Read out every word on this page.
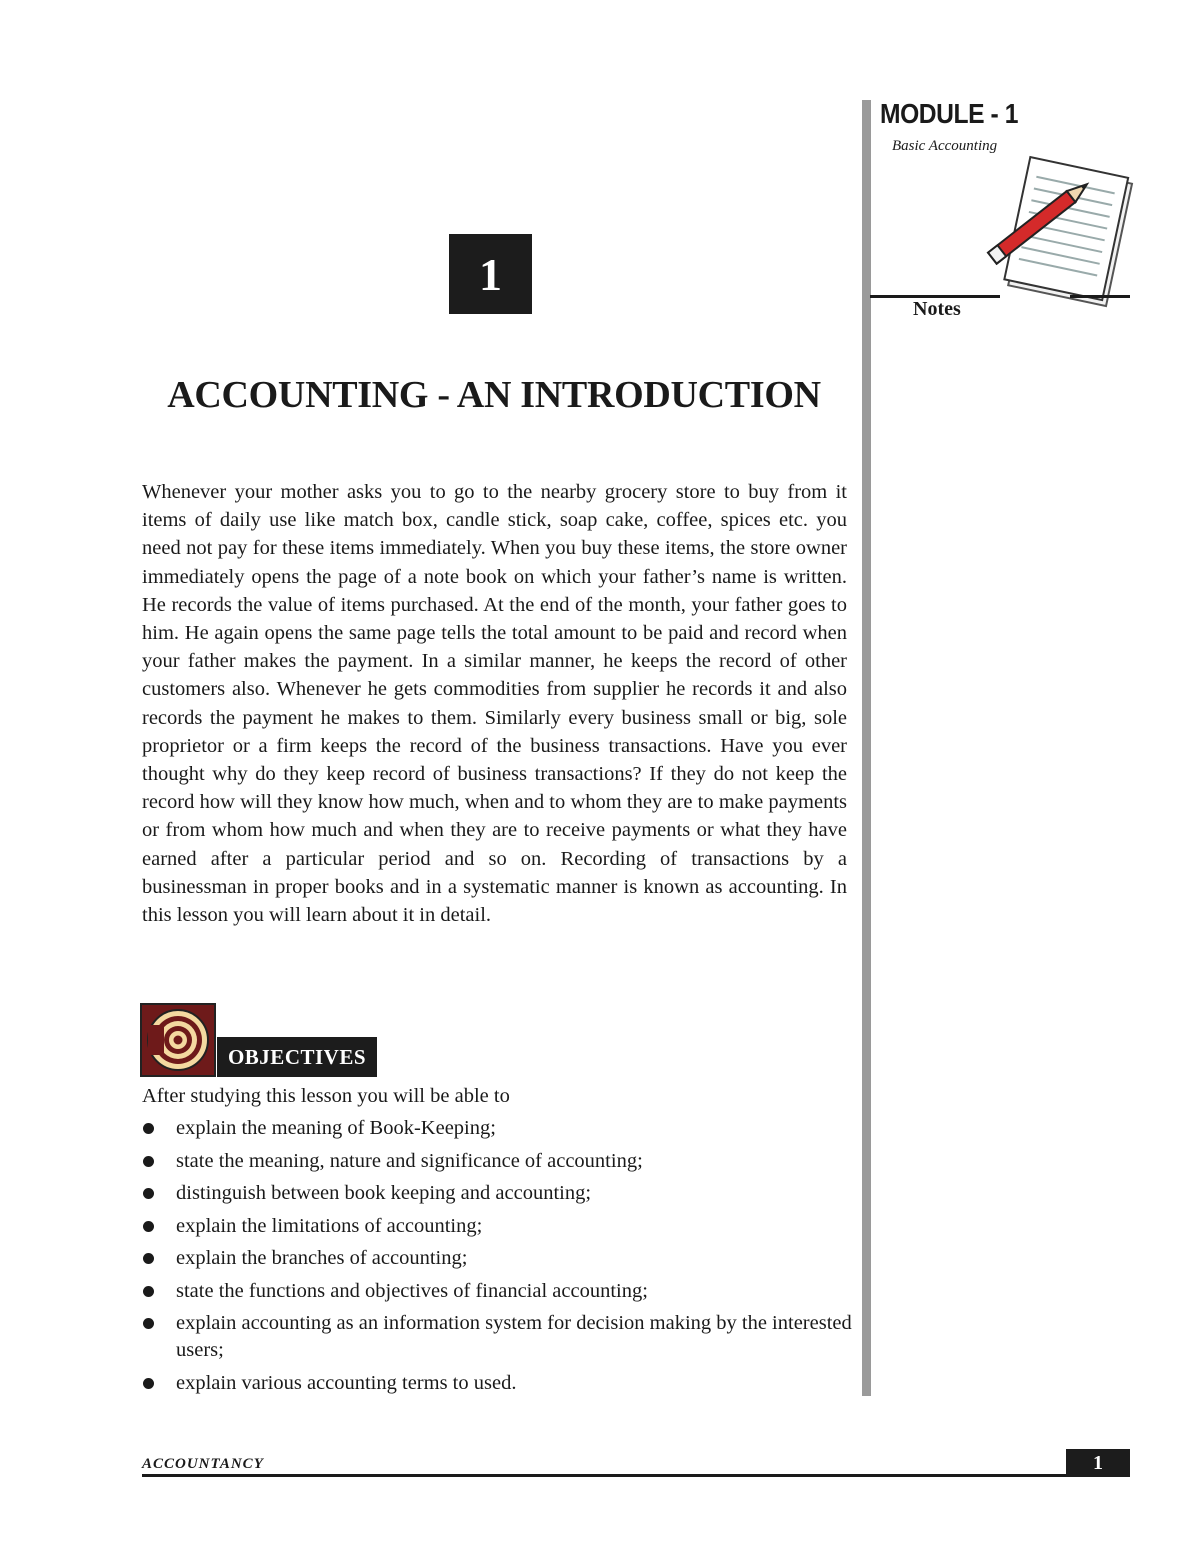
MODULE - 1
Basic Accounting
Notes
1
ACCOUNTING - AN INTRODUCTION

Whenever your mother asks you to go to the nearby grocery store to buy from it items of daily use like match box, candle stick, soap cake, coffee, spices etc. you need not pay for these items immediately. When you buy these items, the store owner immediately opens the page of a note book on which your father’s name is written. He records the value of items purchased. At the end of the month, your father goes to him. He again opens the same page tells the total amount to be paid and record when your father makes the payment. In a similar manner, he keeps the record of other customers also. Whenever he gets commodities from supplier he records it and also records the payment he makes to them. Similarly every business small or big, sole proprietor or a firm keeps the record of the business transactions. Have you ever thought why do they keep record of business transactions? If they do not keep the record how will they know how much, when and to whom they are to make payments or from whom how much and when they are to receive payments or what they have earned after a particular period and so on. Recording of transactions by a businessman in proper books and in a systematic manner is known as accounting. In this lesson you will learn about it in detail.

OBJECTIVES

After studying this lesson you will be able to

explain the meaning of Book-Keeping;
state the meaning, nature and significance of accounting;
distinguish between book keeping and accounting;
explain the limitations of accounting;
explain the branches of accounting;
state the functions and objectives of financial accounting;
explain accounting as an information system for decision making by the interested users;
explain various accounting terms to used.
ACCOUNTANCY	1
